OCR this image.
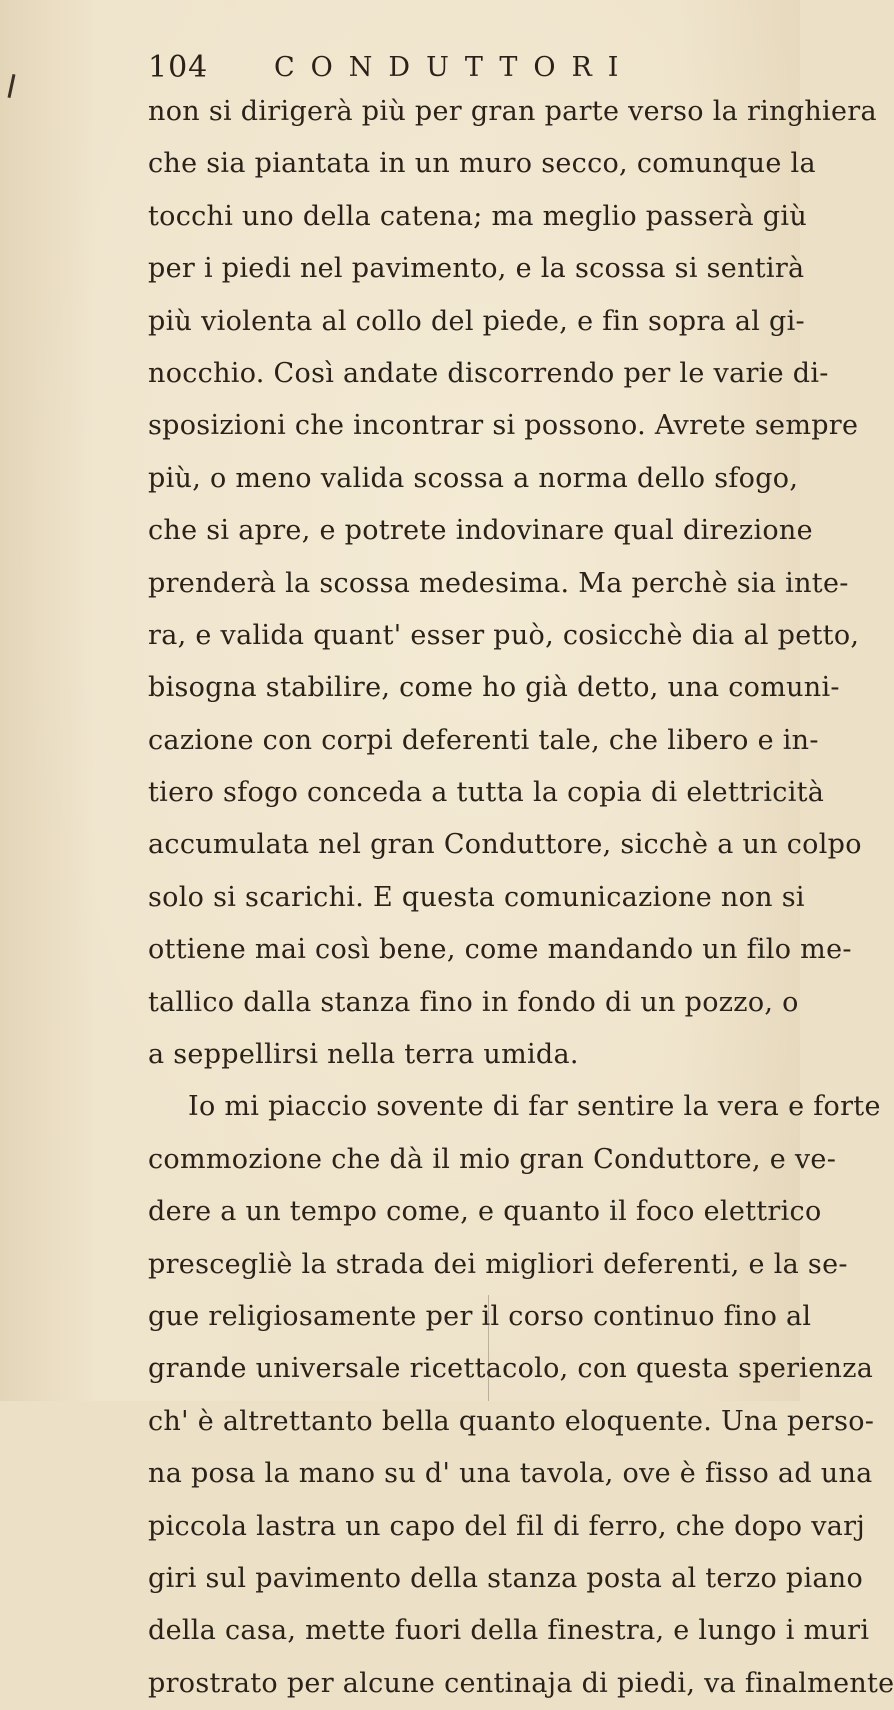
104 CONDUTTORI
non si dirigerà più per gran parte verso la ringhiera
che sia piantata in un muro secco, comunque la
tocchi uno della catena; ma meglio passerà giù
per i piedi nel pavimento, e la scossa si sentirà
più violenta al collo del piede, e fin sopra al gi-
nocchio. Così andate discorrendo per le varie di-
sposizioni che incontrar si possono. Avrete sempre
più, o meno valida scossa a norma dello sfogo,
che si apre, e potrete indovinare qual direzione
prenderà la scossa medesima. Ma perchè sia inte-
ra, e valida quant' esser può, cosicchè dia al petto,
bisogna stabilire, come ho già detto, una comuni-
cazione con corpi deferenti tale, che libero e in-
tiero sfogo conceda a tutta la copia di elettricità
accumulata nel gran Conduttore, sicchè a un colpo
solo si scarichi. E questa comunicazione non si
ottiene mai così bene, come mandando un filo me-
tallico dalla stanza fino in fondo di un pozzo, o
a seppellirsi nella terra umida.
Io mi piaccio sovente di far sentire la vera e forte
commozione che dà il mio gran Conduttore, e ve-
dere a un tempo come, e quanto il foco elettrico
prescegliè la strada dei migliori deferenti, e la se-
gue religiosamente per il corso continuo fino al
grande universale ricettacolo, con questa sperienza
ch' è altrettanto bella quanto eloquente. Una perso-
na posa la mano su d' una tavola, ove è fisso ad una
piccola lastra un capo del fil di ferro, che dopo varj
giri sul pavimento della stanza posta al terzo piano
della casa, mette fuori della finestra, e lungo i muri
prostrato per alcune centinaja di piedi, va finalmente
